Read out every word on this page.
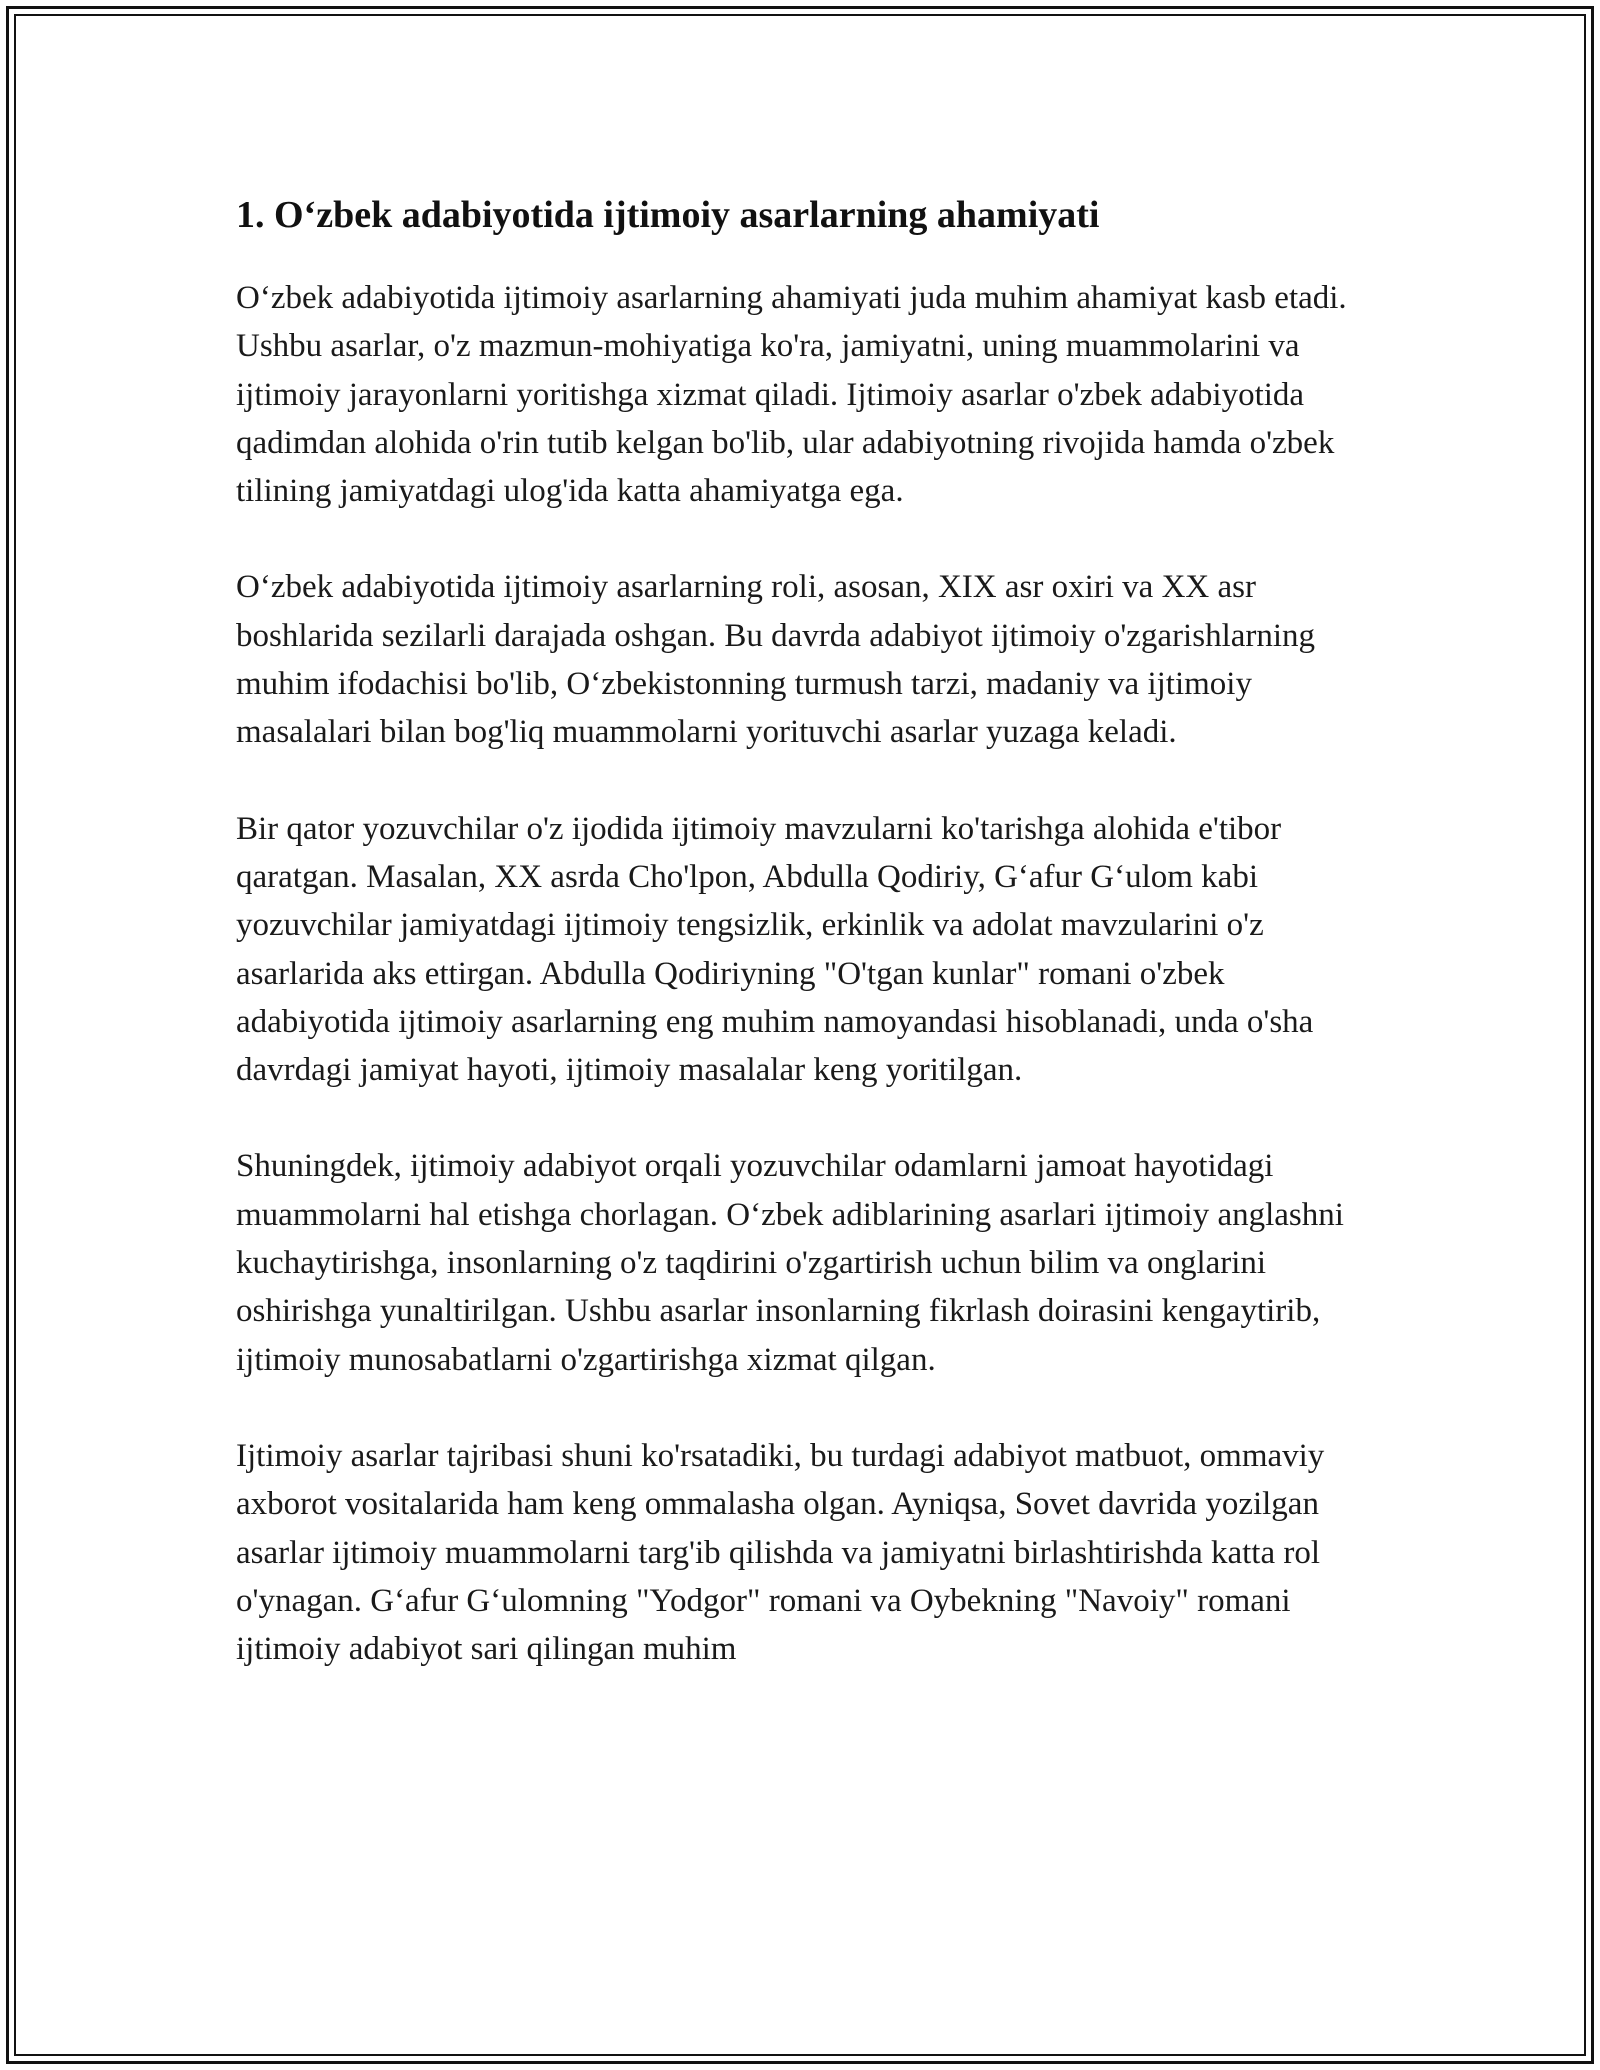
1. O‘zbek adabiyotida ijtimoiy asarlarning ahamiyati

O‘zbek adabiyotida ijtimoiy asarlarning ahamiyati juda muhim ahamiyat kasb etadi. Ushbu asarlar, o'z mazmun-mohiyatiga ko'ra, jamiyatni, uning muammolarini va ijtimoiy jarayonlarni yoritishga xizmat qiladi. Ijtimoiy asarlar o'zbek adabiyotida qadimdan alohida o'rin tutib kelgan bo'lib, ular adabiyotning rivojida hamda o'zbek tilining jamiyatdagi ulog'ida katta ahamiyatga ega.

O‘zbek adabiyotida ijtimoiy asarlarning roli, asosan, XIX asr oxiri va XX asr boshlarida sezilarli darajada oshgan. Bu davrda adabiyot ijtimoiy o'zgarishlarning muhim ifodachisi bo'lib, O‘zbekistonning turmush tarzi, madaniy va ijtimoiy masalalari bilan bog'liq muammolarni yorituvchi asarlar yuzaga keladi.

Bir qator yozuvchilar o'z ijodida ijtimoiy mavzularni ko'tarishga alohida e'tibor qaratgan. Masalan, XX asrda Cho'lpon, Abdulla Qodiriy, G‘afur G‘ulom kabi yozuvchilar jamiyatdagi ijtimoiy tengsizlik, erkinlik va adolat mavzularini o'z asarlarida aks ettirgan. Abdulla Qodiriyning "O'tgan kunlar" romani o'zbek adabiyotida ijtimoiy asarlarning eng muhim namoyandasi hisoblanadi, unda o'sha davrdagi jamiyat hayoti, ijtimoiy masalalar keng yoritilgan.

Shuningdek, ijtimoiy adabiyot orqali yozuvchilar odamlarni jamoat hayotidagi muammolarni hal etishga chorlagan. O‘zbek adiblarining asarlari ijtimoiy anglashni kuchaytirishga, insonlarning o'z taqdirini o'zgartirish uchun bilim va onglarini oshirishga yunaltirilgan. Ushbu asarlar insonlarning fikrlash doirasini kengaytirib, ijtimoiy munosabatlarni o'zgartirishga xizmat qilgan.

Ijtimoiy asarlar tajribasi shuni ko'rsatadiki, bu turdagi adabiyot matbuot, ommaviy axborot vositalarida ham keng ommalasha olgan. Ayniqsa, Sovet davrida yozilgan asarlar ijtimoiy muammolarni targ'ib qilishda va jamiyatni birlashtirishda katta rol o'ynagan. G‘afur G‘ulomning "Yodgor" romani va Oybekning "Navoiy" romani ijtimoiy adabiyot sari qilingan muhim
